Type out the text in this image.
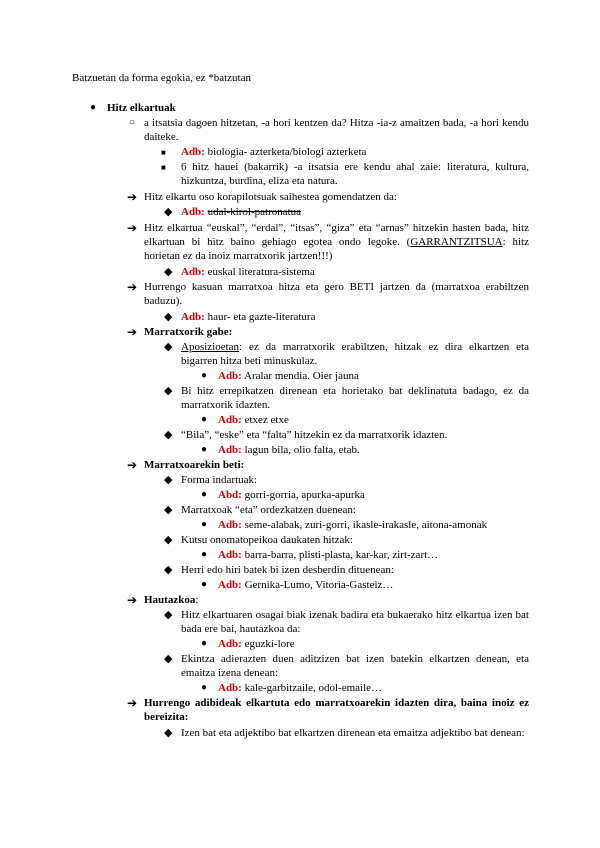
Batzuetan da forma egokia, ez *batzutan
● Hitz elkartuak
○ a itsatsia dagoen hitzetan, -a hori kentzen da? Hitza -ia-z amaitzen bada, -a hori kendu daiteke.
■ Adb: biologia- azterketa/biologi azterketa
■ 6 hitz hauei (bakarrik) -a itsatsia ere kendu ahal zaie: literatura, kultura, hizkuntza, burdina, eliza eta natura.
➔ Hitz elkartu oso korapilotsuak saihestea gomendatzen da:
◆ Adb: udal-kirol-patronatua
➔ Hitz elkartua “euskal”, “erdal”, “itsas”, “giza” eta “arnas” hitzekin hasten bada, hitz elkartuan bi hitz baino gehiago egotea ondo legoke. (GARRANTZITSUA: hitz horietan ez da inoiz marratxorik jartzen!!!)
◆ Adb: euskal literatura-sistema
➔ Hurrengo kasuan marratxoa hitza eta gero BETI jartzen da (marratxoa erabiltzen baduzu).
◆ Adb: haur- eta gazte-literatura
➔ Marratxorik gabe:
◆ Aposizioetan: ez da marratxorik erabiltzen, hitzak ez dira elkartzen eta bigarren hitza beti minuskulaz.
● Adb: Aralar mendia. Oier jauna
◆ Bi hitz errepikatzen direnean eta horietako bat deklinatuta badago, ez da marratxorik idazten.
● Adb: etxez etxe
◆ “Bila”, “eske” eta “falta” hitzekin ez da marratxorik idazten.
● Adb: lagun bila, olio falta, etab.
➔ Marratxoarekin beti:
◆ Forma indartuak:
● Abd: gorri-gorria, apurka-apurka
◆ Marratxoak “eta” ordezkatzen duenean:
● Adb: seme-alabak, zuri-gorri, ikasle-irakasle, aitona-amonak
◆ Kutsu onomatopeikoa daukaten hitzak:
● Adb: barra-barra, plisti-plasta, kar-kar, zirt-zart…
◆ Herri edo hiri batek bi izen desberdin dituenean:
● Adb: Gernika-Lumo, Vitoria-Gasteiz…
➔ Hautazkoa:
◆ Hitz elkartuaren osagai biak izenak badira eta bukaerako hitz elkartua izen bat bada ere bai, hautazkoa da:
● Adb: eguzki-lore
◆ Ekintza adierazten duen aditzizen bat izen batekin elkartzen denean, eta emaitza izena denean:
● Adb: kale-garbitzaile, odol-emaile…
➔ Hurrengo adibideak elkartuta edo marratxoarekin idazten dira, baina inoiz ez bereizita:
◆ Izen bat eta adjektibo bat elkartzen direnean eta emaitza adjektibo bat denean:
